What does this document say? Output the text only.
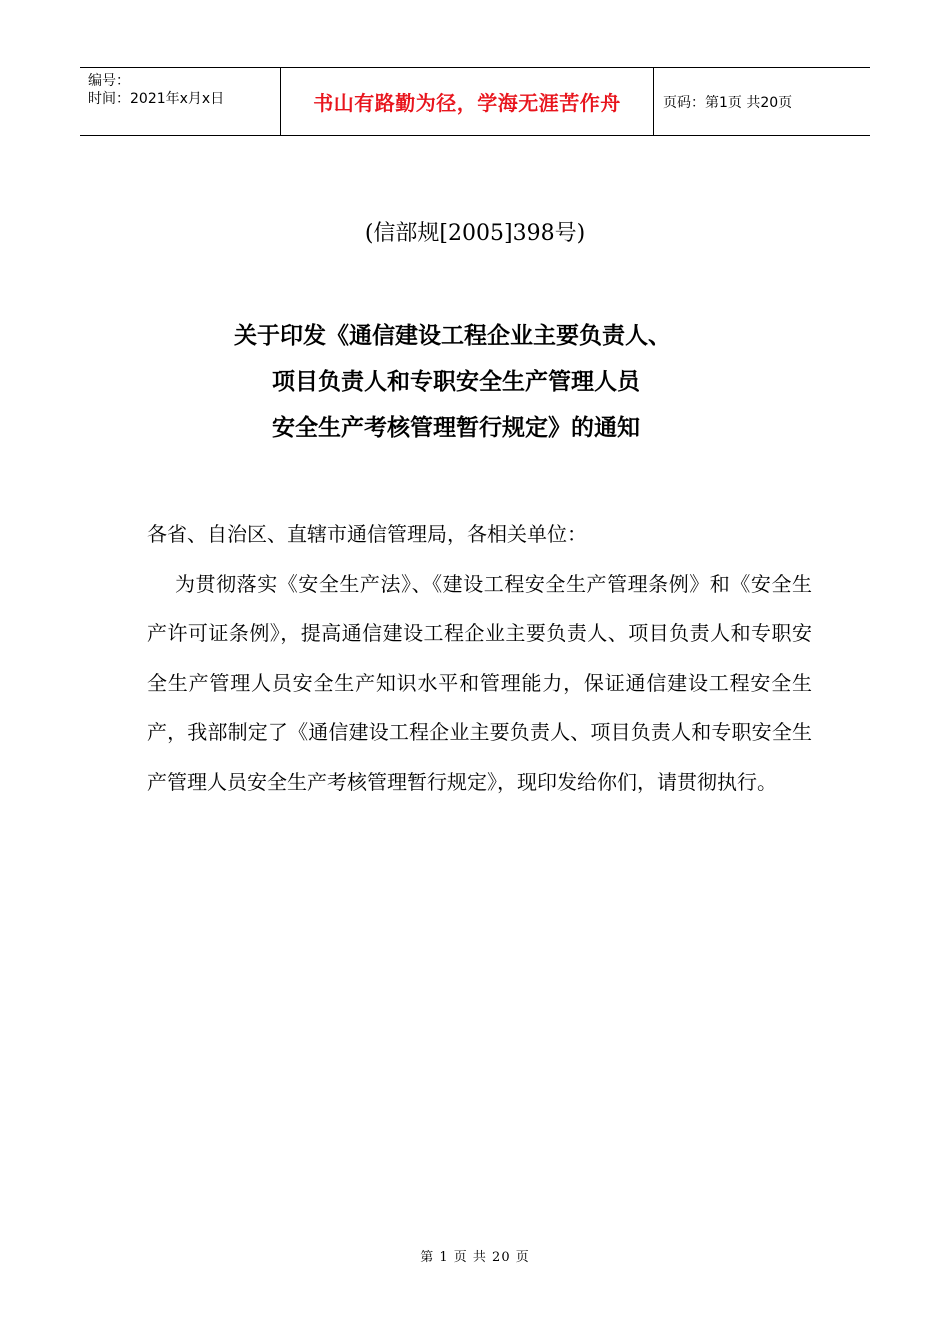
编号：
时间：2021年x月x日	书山有路勤为径，学海无涯苦作舟	页码：第1页 共20页
(信部规[2005]398号)
关于印发《通信建设工程企业主要负责人、
项目负责人和专职安全生产管理人员
安全生产考核管理暂行规定》的通知

各省、自治区、直辖市通信管理局，各相关单位：

为贯彻落实《安全生产法》、《建设工程安全生产管理条例》和《安全生产许可证条例》，提高通信建设工程企业主要负责人、项目负责人和专职安全生产管理人员安全生产知识水平和管理能力，保证通信建设工程安全生产，我部制定了《通信建设工程企业主要负责人、项目负责人和专职安全生产管理人员安全生产考核管理暂行规定》，现印发给你们，请贯彻执行。

第 1 页 共 20 页
